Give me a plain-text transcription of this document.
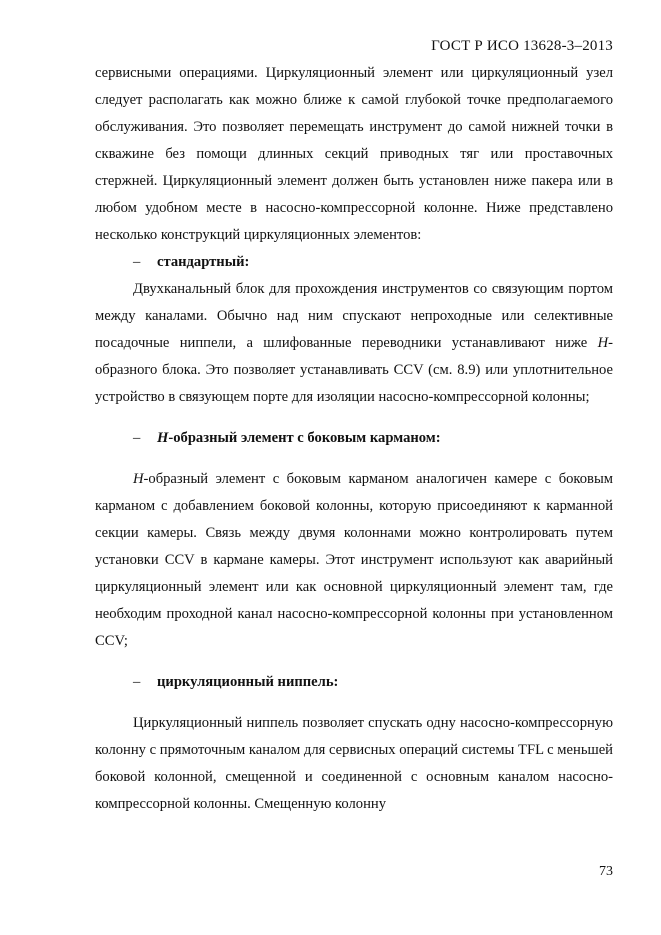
ГОСТ Р ИСО 13628-3–2013

сервисными операциями. Циркуляционный элемент или циркуляционный узел следует располагать как можно ближе к самой глубокой точке предполагаемого обслуживания. Это позволяет перемещать инструмент до самой нижней точки в скважине без помощи длинных секций приводных тяг или проставочных стержней. Циркуляционный элемент должен быть установлен ниже пакера или в любом удобном месте в насосно-компрессорной колонне. Ниже представлено несколько конструкций циркуляционных элементов:

–	стандартный:

Двухканальный блок для прохождения инструментов со связующим портом между каналами. Обычно над ним спускают непроходные или селективные посадочные ниппели, а шлифованные переводники устанавливают ниже Н-образного блока. Это позволяет устанавливать CCV (см. 8.9) или уплотнительное устройство в связующем порте для изоляции насосно-компрессорной колонны;

–	Н-образный элемент с боковым карманом:

Н-образный элемент с боковым карманом аналогичен камере с боковым карманом с добавлением боковой колонны, которую присоединяют к карманной секции камеры. Связь между двумя колоннами можно контролировать путем установки CCV в кармане камеры. Этот инструмент используют как аварийный циркуляционный элемент или как основной циркуляционный элемент там, где необходим проходной канал насосно-компрессорной колонны при установленном CCV;

–	циркуляционный ниппель:

Циркуляционный ниппель позволяет спускать одну насосно-компрессорную колонну с прямоточным каналом для сервисных операций системы TFL с меньшей боковой колонной, смещенной и соединенной с основным каналом насосно-компрессорной колонны. Смещенную колонну

73
